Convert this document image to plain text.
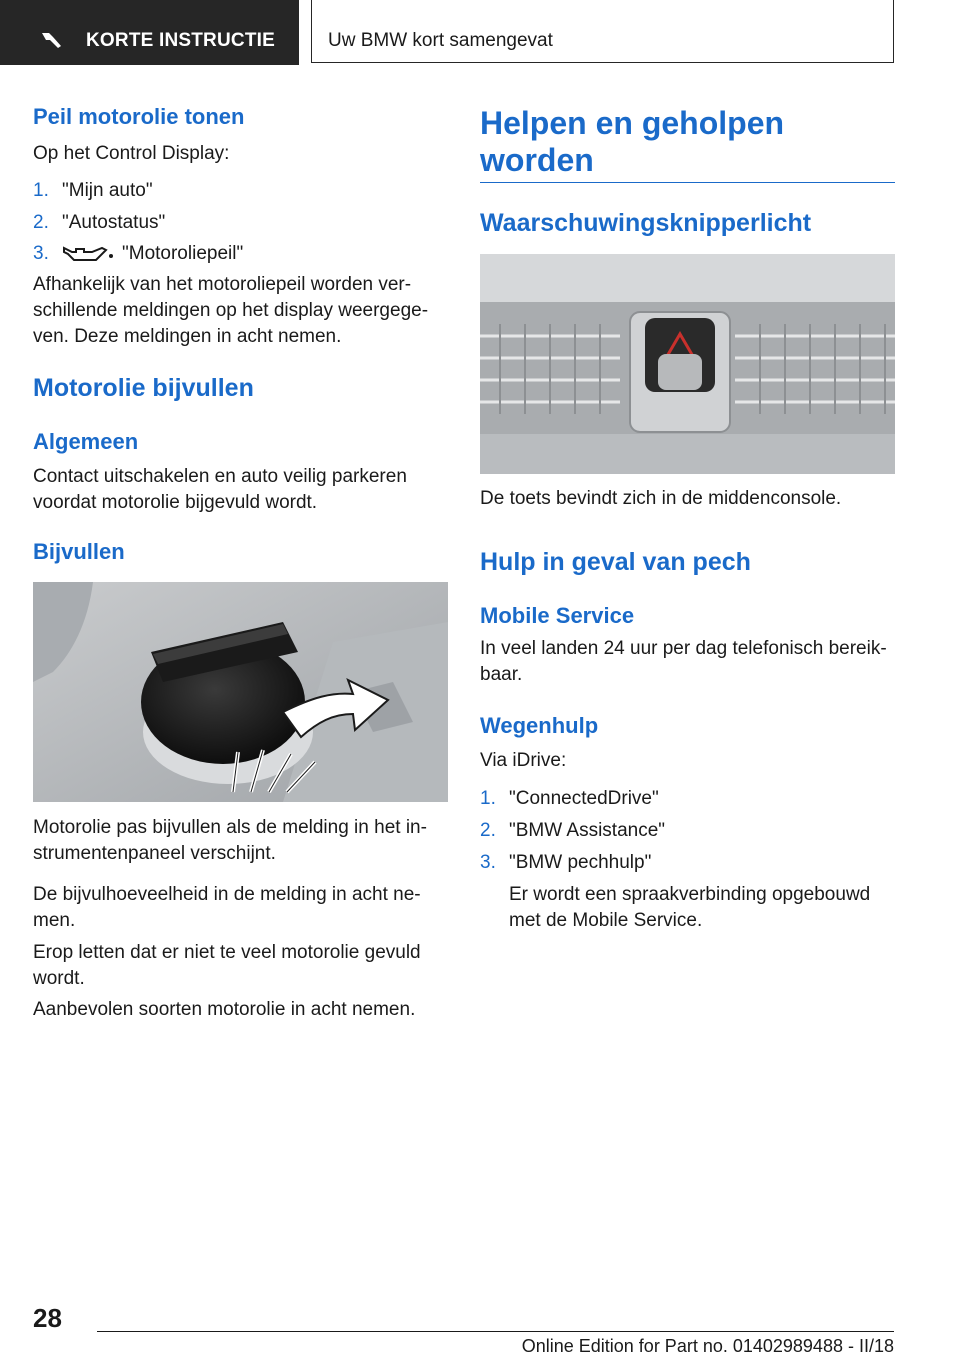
KORTE INSTRUCTIE	Uw BMW kort samengevat
Peil motorolie tonen

Op het Control Display:

1. "Mijn auto"
2. "Autostatus"
3.	"Motoroliepeil"

Afhankelijk van het motoroliepeil worden ver-

schillende meldingen op het display weergege-

ven. Deze meldingen in acht nemen.

Motorolie bijvullen
Algemeen

Contact uitschakelen en auto veilig parkeren

voordat motorolie bijgevuld wordt.

Bijvullen

Motorolie pas bijvullen als de melding in het in-

strumentenpaneel verschijnt.

De bijvulhoeveelheid in de melding in acht ne-

men.

Erop letten dat er niet te veel motorolie gevuld

wordt.

Aanbevolen soorten motorolie in acht nemen.

Helpen en geholpen
worden
Waarschuwingsknipperlicht

De toets bevindt zich in de middenconsole.

Hulp in geval van pech
Mobile Service

In veel landen 24 uur per dag telefonisch bereik-

baar.

Wegenhulp

Via iDrive:

1. "ConnectedDrive"
2. "BMW Assistance"
3. "BMW pechhulp"

Er wordt een spraakverbinding opgebouwd

met de Mobile Service.

28
Online Edition for Part no. 01402989488 - II/18
